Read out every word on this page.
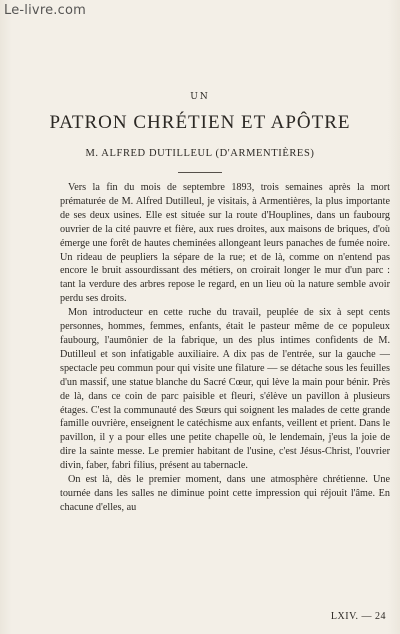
Le-livre.com
UN
PATRON CHRÉTIEN ET APÔTRE
M. ALFRED DUTILLEUL (D'ARMENTIÈRES)

Vers la fin du mois de septembre 1893, trois semaines après la mort prématurée de M. Alfred Dutilleul, je visitais, à Armentières, la plus importante de ses deux usines. Elle est située sur la route d'Houplines, dans un faubourg ouvrier de la cité pauvre et fière, aux rues droites, aux maisons de briques, d'où émerge une forêt de hautes cheminées allongeant leurs panaches de fumée noire. Un rideau de peupliers la sépare de la rue; et de là, comme on n'entend pas encore le bruit assourdissant des métiers, on croirait longer le mur d'un parc : tant la verdure des arbres repose le regard, en un lieu où la nature semble avoir perdu ses droits.

Mon introducteur en cette ruche du travail, peuplée de six à sept cents personnes, hommes, femmes, enfants, était le pasteur même de ce populeux faubourg, l'aumônier de la fabrique, un des plus intimes confidents de M. Dutilleul et son infatigable auxiliaire. A dix pas de l'entrée, sur la gauche — spectacle peu commun pour qui visite une filature — se détache sous les feuilles d'un massif, une statue blanche du Sacré Cœur, qui lève la main pour bénir. Près de là, dans ce coin de parc paisible et fleuri, s'élève un pavillon à plusieurs étages. C'est la communauté des Sœurs qui soignent les malades de cette grande famille ouvrière, enseignent le catéchisme aux enfants, veillent et prient. Dans le pavillon, il y a pour elles une petite chapelle où, le lendemain, j'eus la joie de dire la sainte messe. Le premier habitant de l'usine, c'est Jésus-Christ, l'ouvrier divin, faber, fabri filius, présent au tabernacle.

On est là, dès le premier moment, dans une atmosphère chrétienne. Une tournée dans les salles ne diminue point cette impression qui réjouit l'âme. En chacune d'elles, au

LXIV. — 24
